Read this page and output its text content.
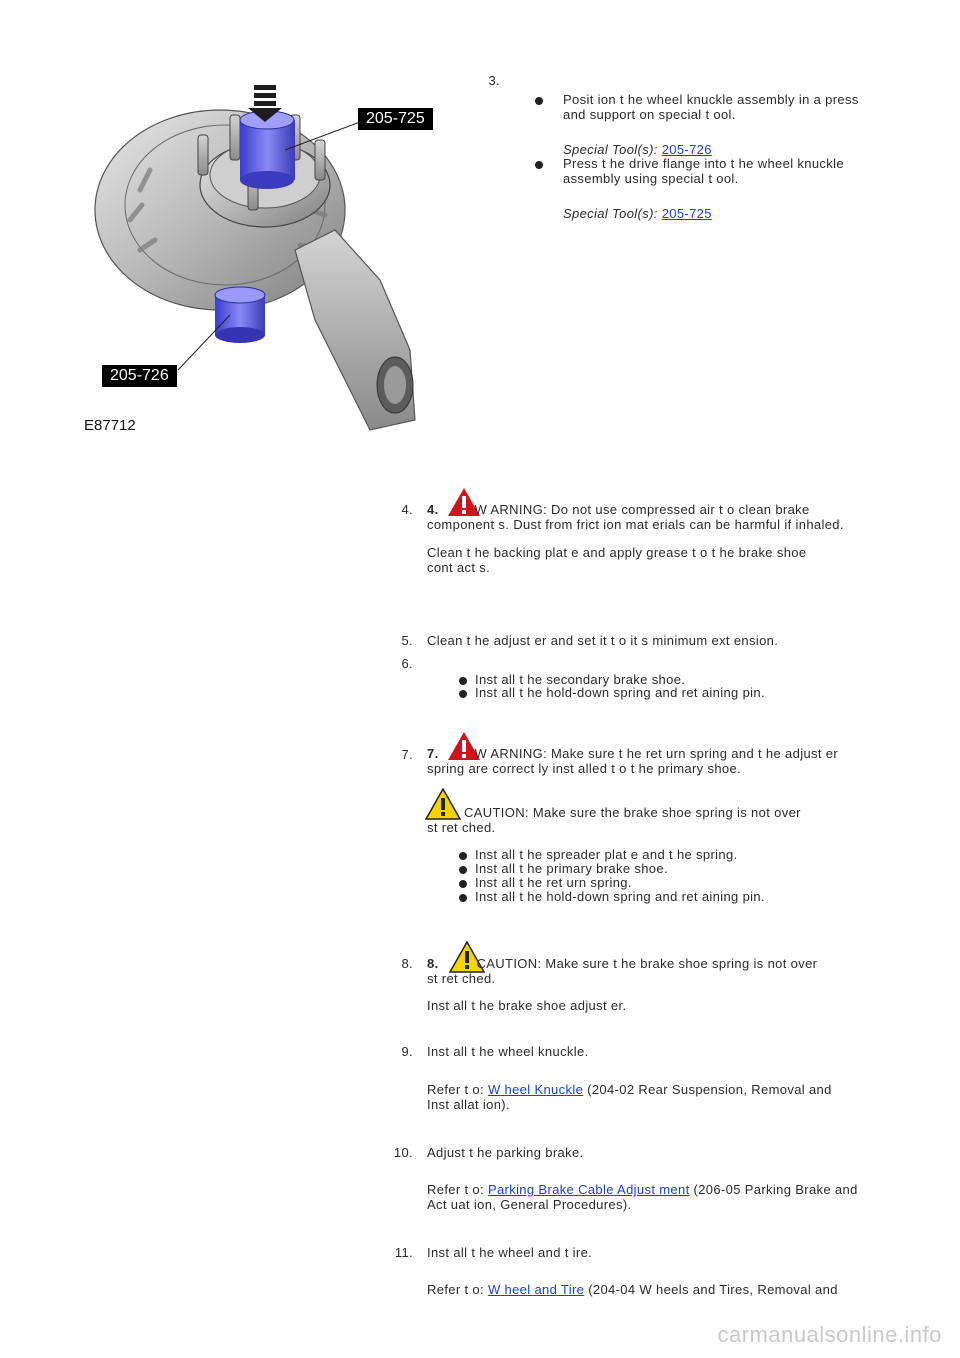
205-725
205-726
E87712
3.
Posit ion t he wheel knuckle assembly in a press
and support on special t ool.
Special Tool(s): 205-726
Press t he drive flange into t he wheel knuckle
assembly using special t ool.
Special Tool(s): 205-725
4. 4.	W ARNING: Do not use compressed air t o clean brake
component s. Dust from frict ion mat erials can be harmful if inhaled.
Clean t he backing plat e and apply grease t o t he brake shoe
cont act s.
5. Clean t he adjust er and set it t o it s minimum ext ension.
6.
Inst all t he secondary brake shoe.
Inst all t he hold-down spring and ret aining pin.
7. 7.	W ARNING: Make sure t he ret urn spring and t he adjust er
spring are correct ly inst alled t o t he primary shoe.
CAUTION: Make sure the brake shoe spring is not over
st ret ched.
Inst all t he spreader plat e and t he spring.
Inst all t he primary brake shoe.
Inst all t he ret urn spring.
Inst all t he hold-down spring and ret aining pin.
8. 8.	CAUTION: Make sure t he brake shoe spring is not over
st ret ched.
Inst all t he brake shoe adjust er.
9. Inst all t he wheel knuckle.
Refer t o: W heel Knuckle (204-02 Rear Suspension, Removal and
Inst allat ion).
10. Adjust t he parking brake.
Refer t o: Parking Brake Cable Adjust ment (206-05 Parking Brake and
Act uat ion, General Procedures).
11. Inst all t he wheel and t ire.
Refer t o: W heel and Tire (204-04 W heels and Tires, Removal and
carmanualsonline.info
